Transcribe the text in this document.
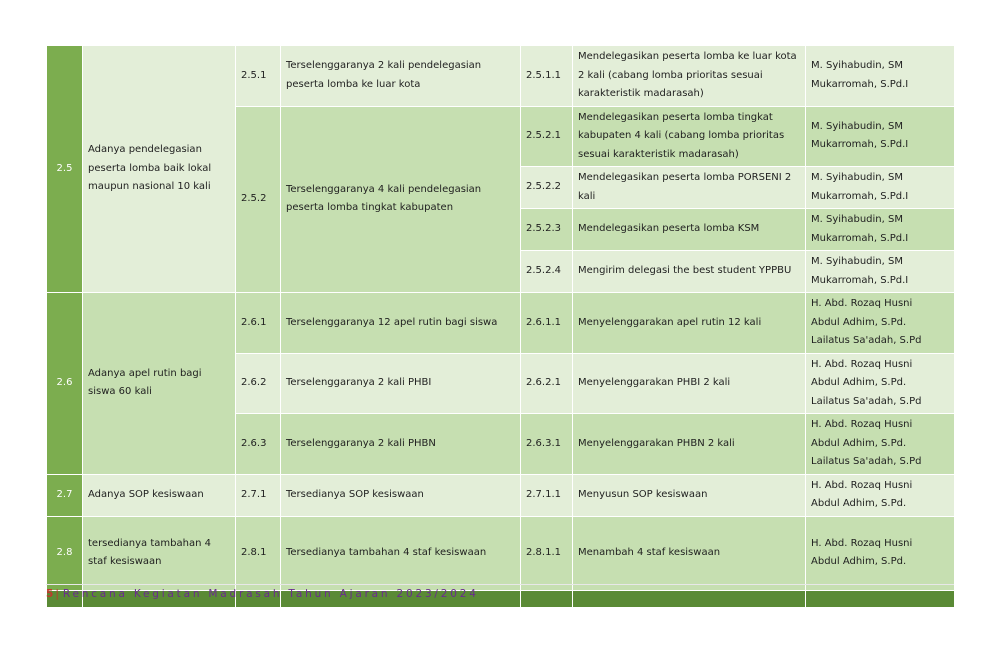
2.5	Adanya pendelegasian peserta lomba baik lokal maupun nasional 10 kali	2.5.1	Terselenggaranya 2 kali pendelegasian peserta lomba ke luar kota	2.5.1.1	Mendelegasikan peserta lomba ke luar kota 2 kali (cabang lomba prioritas sesuai karakteristik madarasah)	M. Syihabudin, SM
Mukarromah, S.Pd.I
		2.5.2	Terselenggaranya 4 kali pendelegasian peserta lomba tingkat kabupaten	2.5.2.1	Mendelegasikan peserta lomba tingkat kabupaten 4 kali (cabang lomba prioritas sesuai karakteristik madarasah)	M. Syihabudin, SM
Mukarromah, S.Pd.I
				2.5.2.2	Mendelegasikan peserta lomba PORSENI 2 kali	M. Syihabudin, SM
Mukarromah, S.Pd.I
				2.5.2.3	Mendelegasikan peserta lomba KSM	M. Syihabudin, SM
Mukarromah, S.Pd.I
				2.5.2.4	Mengirim delegasi the best student YPPBU	M. Syihabudin, SM
Mukarromah, S.Pd.I
2.6	Adanya apel rutin bagi siswa 60 kali	2.6.1	Terselenggaranya 12 apel rutin bagi siswa	2.6.1.1	Menyelenggarakan apel rutin 12 kali	H. Abd. Rozaq Husni
Abdul Adhim, S.Pd.
Lailatus Sa'adah, S.Pd
		2.6.2	Terselenggaranya 2 kali PHBI	2.6.2.1	Menyelenggarakan PHBI 2 kali	H. Abd. Rozaq Husni
Abdul Adhim, S.Pd.
Lailatus Sa'adah, S.Pd
		2.6.3	Terselenggaranya 2 kali PHBN	2.6.3.1	Menyelenggarakan PHBN 2 kali	H. Abd. Rozaq Husni
Abdul Adhim, S.Pd.
Lailatus Sa'adah, S.Pd
2.7	Adanya SOP kesiswaan	2.7.1	Tersedianya SOP kesiswaan	2.7.1.1	Menyusun SOP kesiswaan	H. Abd. Rozaq Husni
Abdul Adhim, S.Pd.
2.8	tersedianya tambahan 4 staf kesiswaan	2.8.1	Tersedianya tambahan 4 staf kesiswaan	2.8.1.1	Menambah 4 staf kesiswaan	H. Abd. Rozaq Husni
Abdul Adhim, S.Pd.

5 | Rencana Kegiatan Madrasah Tahun Ajaran 2023/2024
